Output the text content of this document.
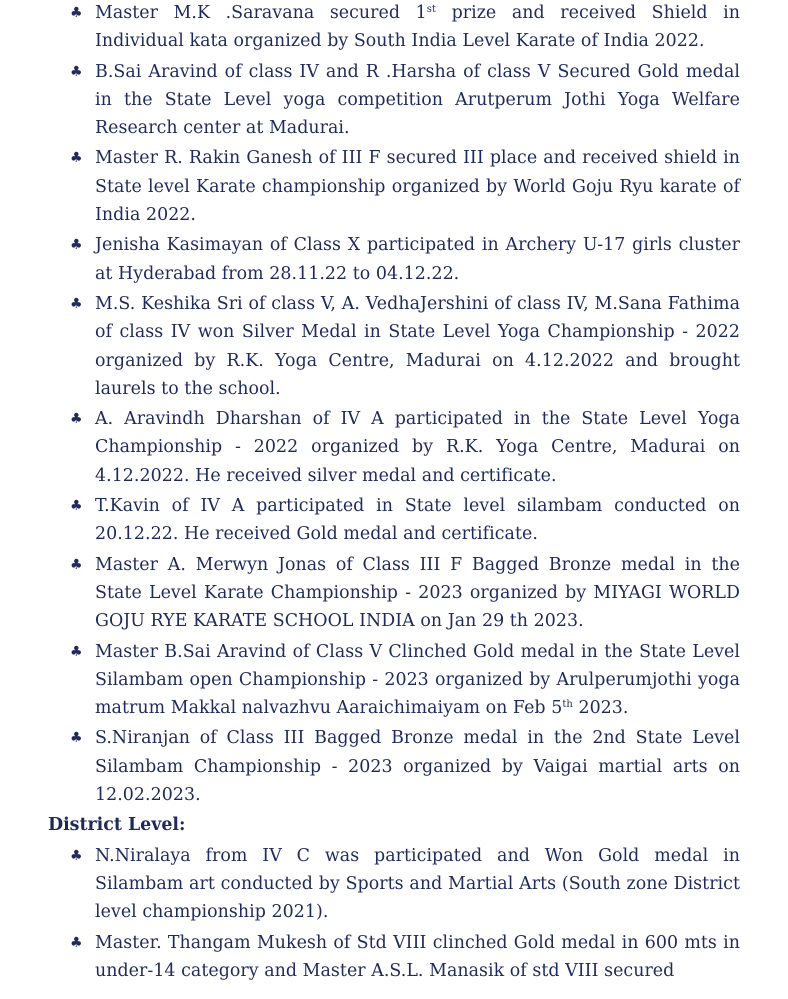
♣ Master M.K .Saravana secured 1st prize and received Shield in Individual kata organized by South India Level Karate of India 2022.
♣ B.Sai Aravind of class IV and R .Harsha of class V Secured Gold medal in the State Level yoga competition Arutperum Jothi Yoga Welfare Research center at Madurai.
♣ Master R. Rakin Ganesh of III F secured III place and received shield in State level Karate championship organized by World Goju Ryu karate of India 2022.
♣ Jenisha Kasimayan of Class X participated in Archery U-17 girls cluster at Hyderabad from 28.11.22 to 04.12.22.
♣ M.S. Keshika Sri of class V, A. VedhaJershini of class IV, M.Sana Fathima of class IV won Silver Medal in State Level Yoga Championship - 2022 organized by R.K. Yoga Centre, Madurai on 4.12.2022 and brought laurels to the school.
♣ A. Aravindh Dharshan of IV A participated in the State Level Yoga Championship - 2022 organized by R.K. Yoga Centre, Madurai on 4.12.2022. He received silver medal and certificate.
♣ T.Kavin of IV A participated in State level silambam conducted on 20.12.22. He received Gold medal and certificate.
♣ Master A. Merwyn Jonas of Class III F Bagged Bronze medal in the State Level Karate Championship - 2023 organized by MIYAGI WORLD GOJU RYE KARATE SCHOOL INDIA on Jan 29 th 2023.
♣ Master B.Sai Aravind of Class V Clinched Gold medal in the State Level Silambam open Championship - 2023 organized by Arulperumjothi yoga matrum Makkal nalvazhvu Aaraichimaiyam on Feb 5th 2023.
♣ S.Niranjan of Class III Bagged Bronze medal in the 2nd State Level Silambam Championship - 2023 organized by Vaigai martial arts on 12.02.2023.
District Level:
♣ N.Niralaya from IV C was participated and Won Gold medal in Silambam art conducted by Sports and Martial Arts (South zone District level championship 2021).
♣ Master. Thangam Mukesh of Std VIII clinched Gold medal in 600 mts in under-14 category and Master A.S.L. Manasik of std VIII secured
